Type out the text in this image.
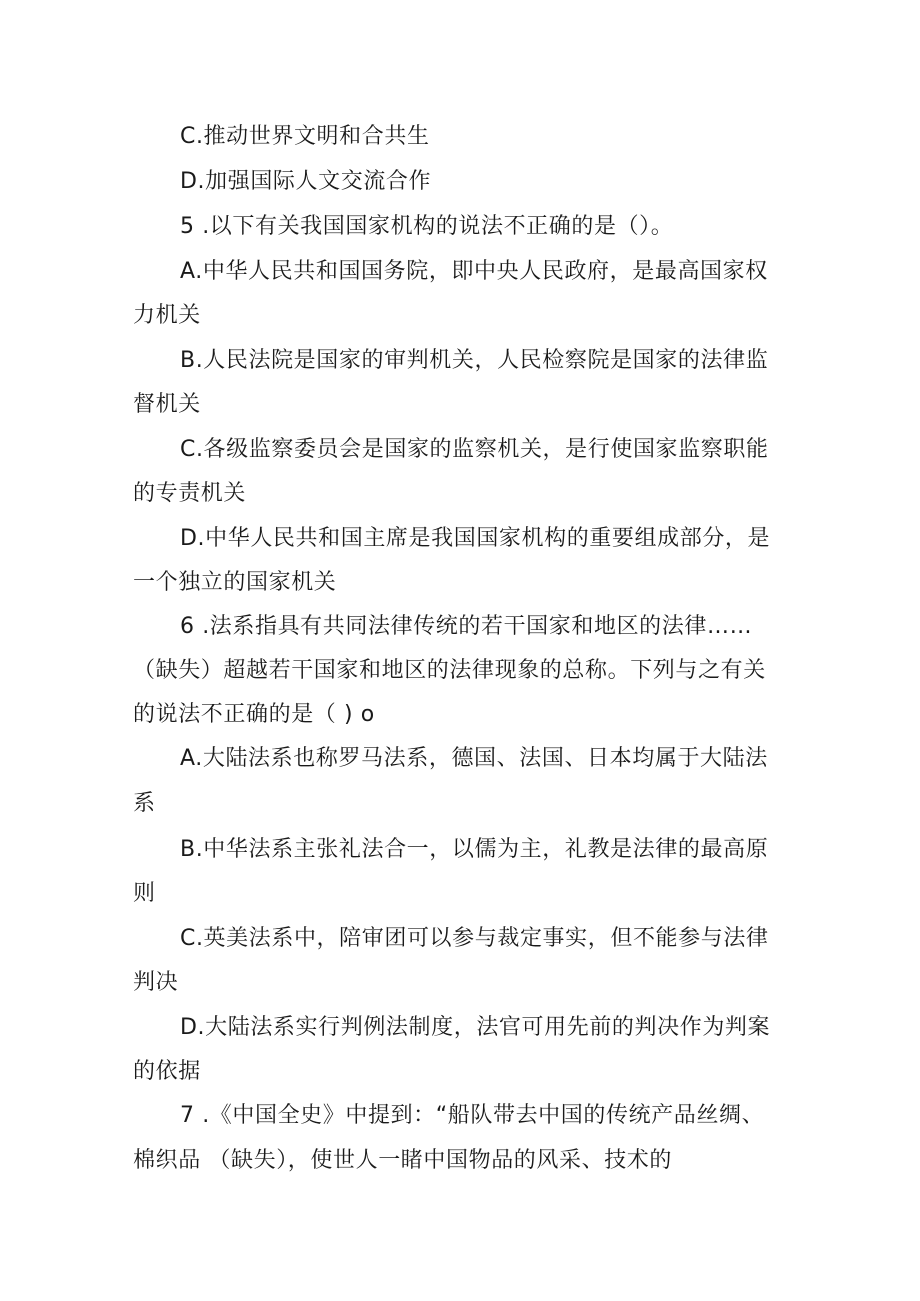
C.推动世界文明和合共生
D.加强国际人文交流合作
5 .以下有关我国国家机构的说法不正确的是（）。
A.中华人民共和国国务院，即中央人民政府，是最高国家权
力机关
B.人民法院是国家的审判机关，人民检察院是国家的法律监
督机关
C.各级监察委员会是国家的监察机关，是行使国家监察职能
的专责机关
D.中华人民共和国主席是我国国家机构的重要组成部分，是
一个独立的国家机关
6 .法系指具有共同法律传统的若干国家和地区的法律……
（缺失）超越若干国家和地区的法律现象的总称。下列与之有关
的说法不正确的是（ ) o
A.大陆法系也称罗马法系，德国、法国、日本均属于大陆法
系
B.中华法系主张礼法合一，以儒为主，礼教是法律的最高原
则
C.英美法系中，陪审团可以参与裁定事实，但不能参与法律
判决
D.大陆法系实行判例法制度，法官可用先前的判决作为判案
的依据
7 .《中国全史》中提到：“船队带去中国的传统产品丝绸、
棉织品 （缺失），使世人一睹中国物品的风采、技术的
